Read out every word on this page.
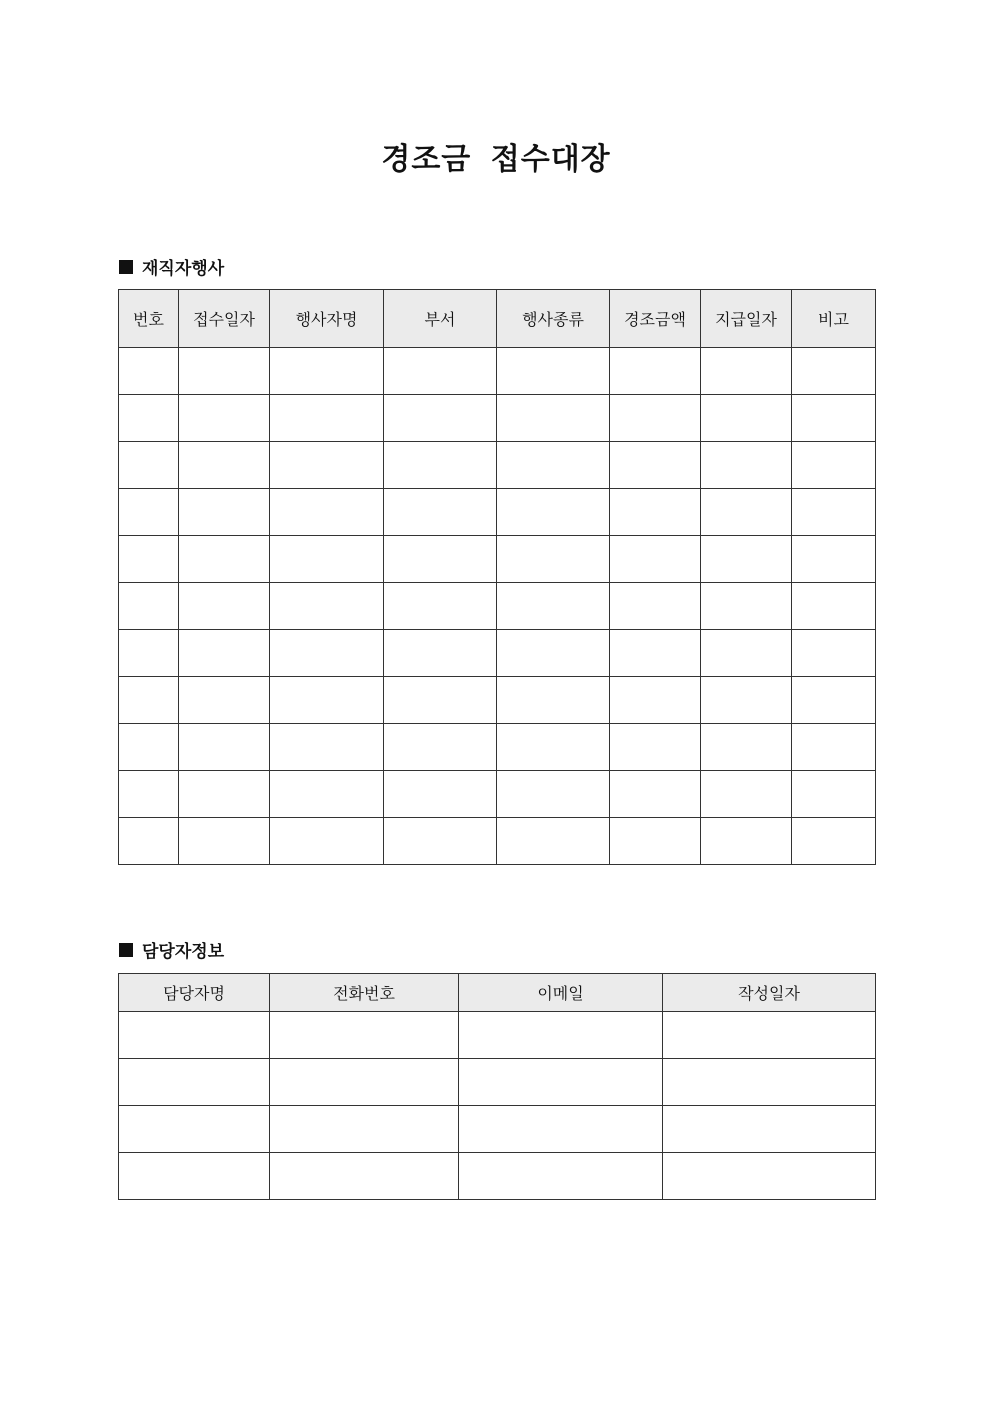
경조금 접수대장
재직자행사
번호	접수일자	행사자명	부서	행사종류	경조금액	지급일자	비고

담당자정보
담당자명	전화번호	이메일	작성일자
